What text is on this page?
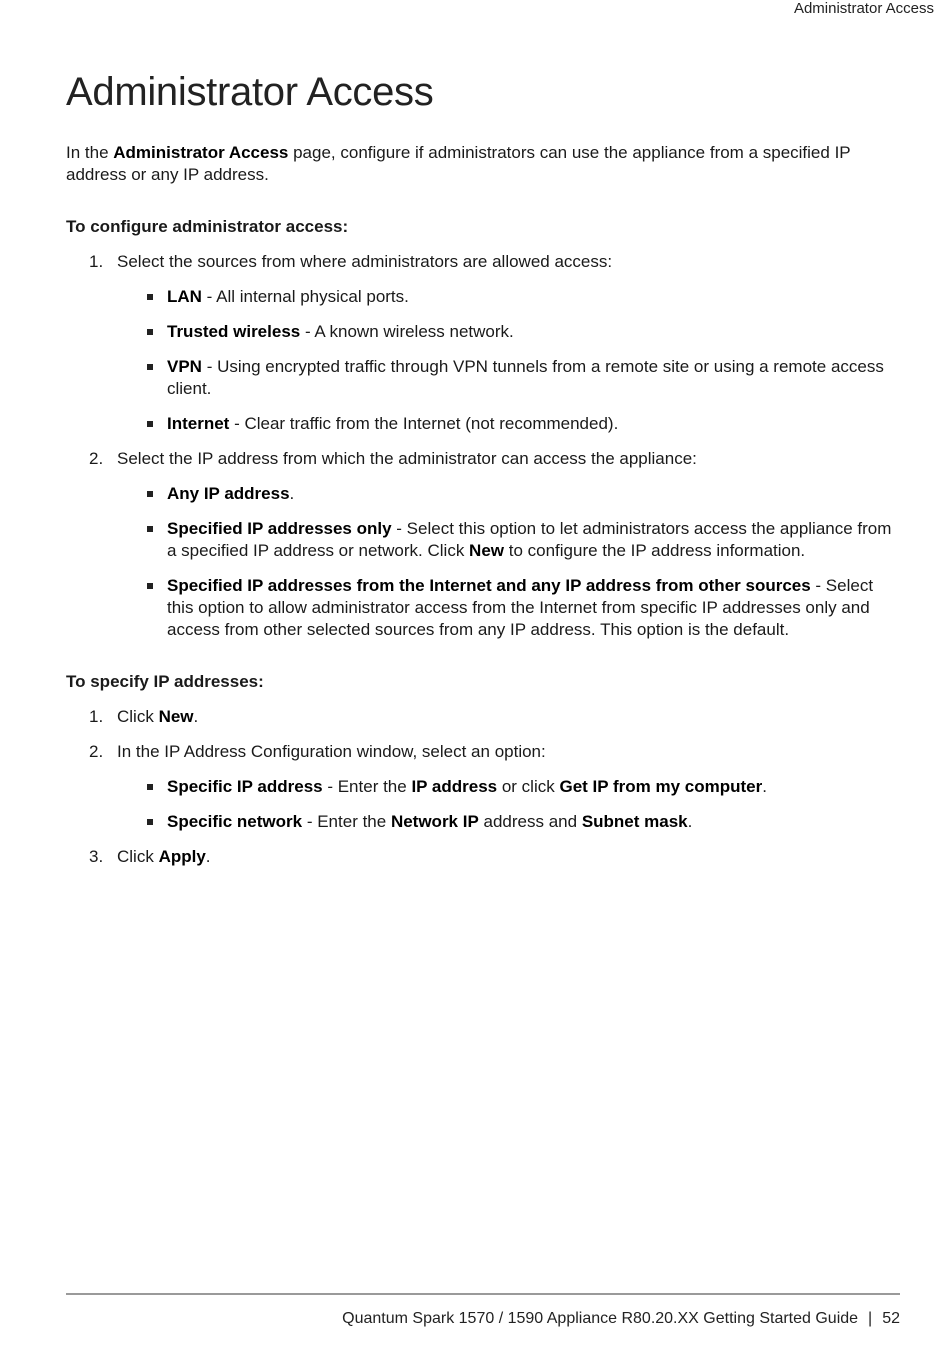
Administrator Access
Administrator Access

In the Administrator Access page, configure if administrators can use the appliance from a specified IP address or any IP address.

To configure administrator access:
1. Select the sources from where administrators are allowed access:
LAN - All internal physical ports.
Trusted wireless - A known wireless network.
VPN - Using encrypted traffic through VPN tunnels from a remote site or using a remote access client.
Internet - Clear traffic from the Internet (not recommended).
2. Select the IP address from which the administrator can access the appliance:
Any IP address.
Specified IP addresses only - Select this option to let administrators access the appliance from a specified IP address or network. Click New to configure the IP address information.
Specified IP addresses from the Internet and any IP address from other sources - Select this option to allow administrator access from the Internet from specific IP addresses only and access from other selected sources from any IP address. This option is the default.
To specify IP addresses:
1. Click New.
2. In the IP Address Configuration window, select an option:
Specific IP address - Enter the IP address or click Get IP from my computer.
Specific network - Enter the Network IP address and Subnet mask.
3. Click Apply.
Quantum Spark 1570 / 1590 Appliance R80.20.XX Getting Started Guide | 52
